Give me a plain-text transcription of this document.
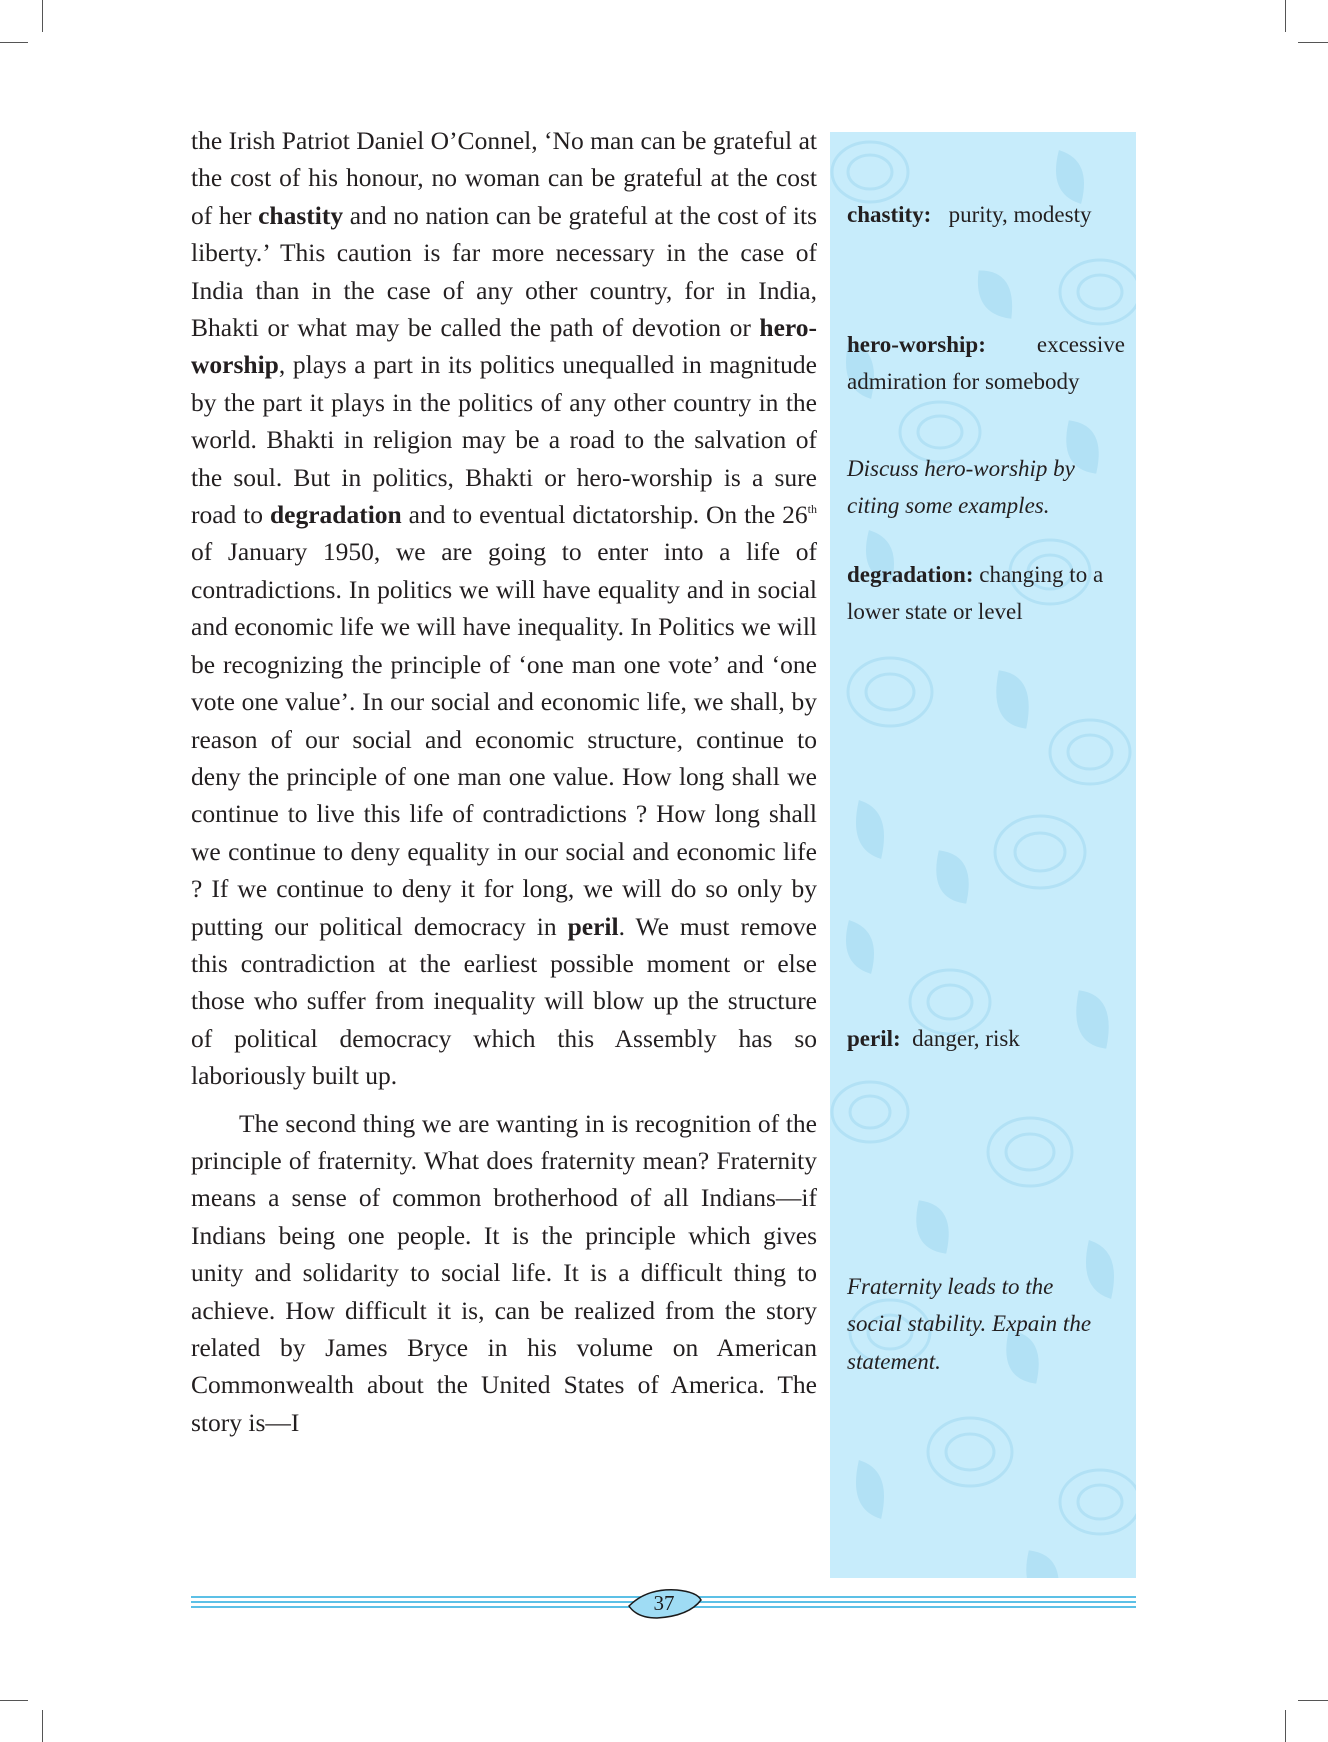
the Irish Patriot Daniel O’Connel, ‘No man can be grateful at the cost of his honour, no woman can be grateful at the cost of her chastity and no nation can be grateful at the cost of its liberty.’ This caution is far more necessary in the case of India than in the case of any other country, for in India, Bhakti or what may be called the path of devotion or hero-worship, plays a part in its politics unequalled in magnitude by the part it plays in the politics of any other country in the world. Bhakti in religion may be a road to the salvation of the soul. But in politics, Bhakti or hero-worship is a sure road to degradation and to eventual dictatorship. On the 26th of January 1950, we are going to enter into a life of contradictions. In politics we will have equality and in social and economic life we will have inequality. In Politics we will be recognizing the principle of ‘one man one vote’ and ‘one vote one value’. In our social and economic life, we shall, by reason of our social and economic structure, continue to deny the principle of one man one value. How long shall we continue to live this life of contradictions ? How long shall we continue to deny equality in our social and economic life ? If we continue to deny it for long, we will do so only by putting our political democracy in peril. We must remove this contradiction at the earliest possible moment or else those who suffer from inequality will blow up the structure of political democracy which this Assembly has so laboriously built up.

The second thing we are wanting in is recognition of the principle of fraternity. What does fraternity mean? Fraternity means a sense of common brotherhood of all Indians—if Indians being one people. It is the principle which gives unity and solidarity to social life. It is a difficult thing to achieve. How difficult it is, can be realized from the story related by James Bryce in his volume on American Commonwealth about the United States of America. The story is—I

chastity: purity, modesty
hero-worship: excessive admiration for somebody
Discuss hero-worship by citing some examples.
degradation: changing to a lower state or level
peril: danger, risk
Fraternity leads to the social stability. Expain the statement.
37
